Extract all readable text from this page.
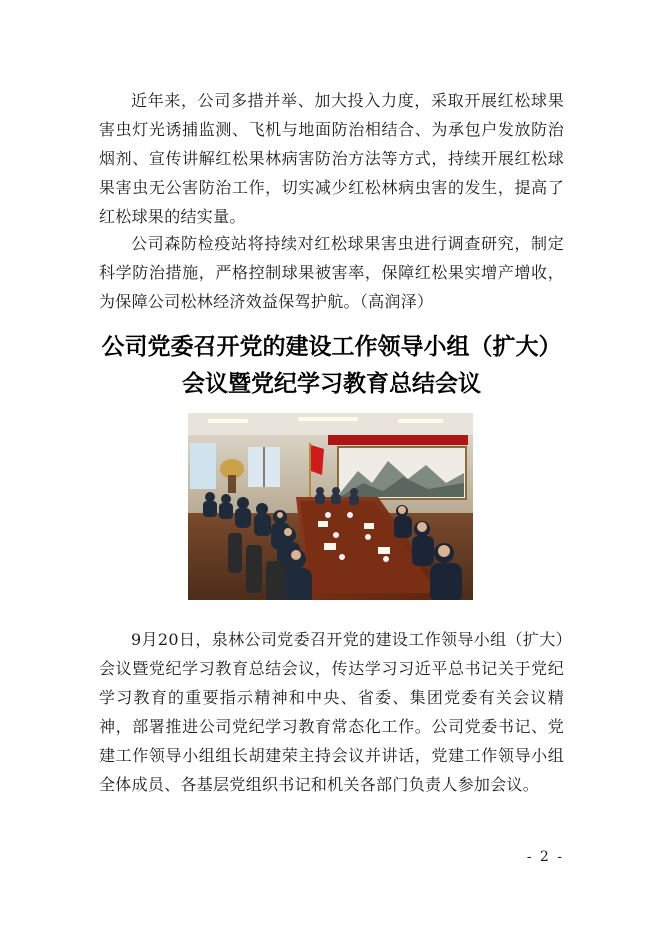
近年来，公司多措并举、加大投入力度，采取开展红松球果害虫灯光诱捕监测、飞机与地面防治相结合、为承包户发放防治烟剂、宣传讲解红松果林病害防治方法等方式，持续开展红松球果害虫无公害防治工作，切实减少红松林病虫害的发生，提高了红松球果的结实量。

公司森防检疫站将持续对红松球果害虫进行调查研究，制定科学防治措施，严格控制球果被害率，保障红松果实增产增收，为保障公司松林经济效益保驾护航。（高润泽）

公司党委召开党的建设工作领导小组（扩大）会议暨党纪学习教育总结会议

9月20日，泉林公司党委召开党的建设工作领导小组（扩大）会议暨党纪学习教育总结会议，传达学习习近平总书记关于党纪学习教育的重要指示精神和中央、省委、集团党委有关会议精神，部署推进公司党纪学习教育常态化工作。公司党委书记、党建工作领导小组组长胡建荣主持会议并讲话，党建工作领导小组全体成员、各基层党组织书记和机关各部门负责人参加会议。

- 2 -
